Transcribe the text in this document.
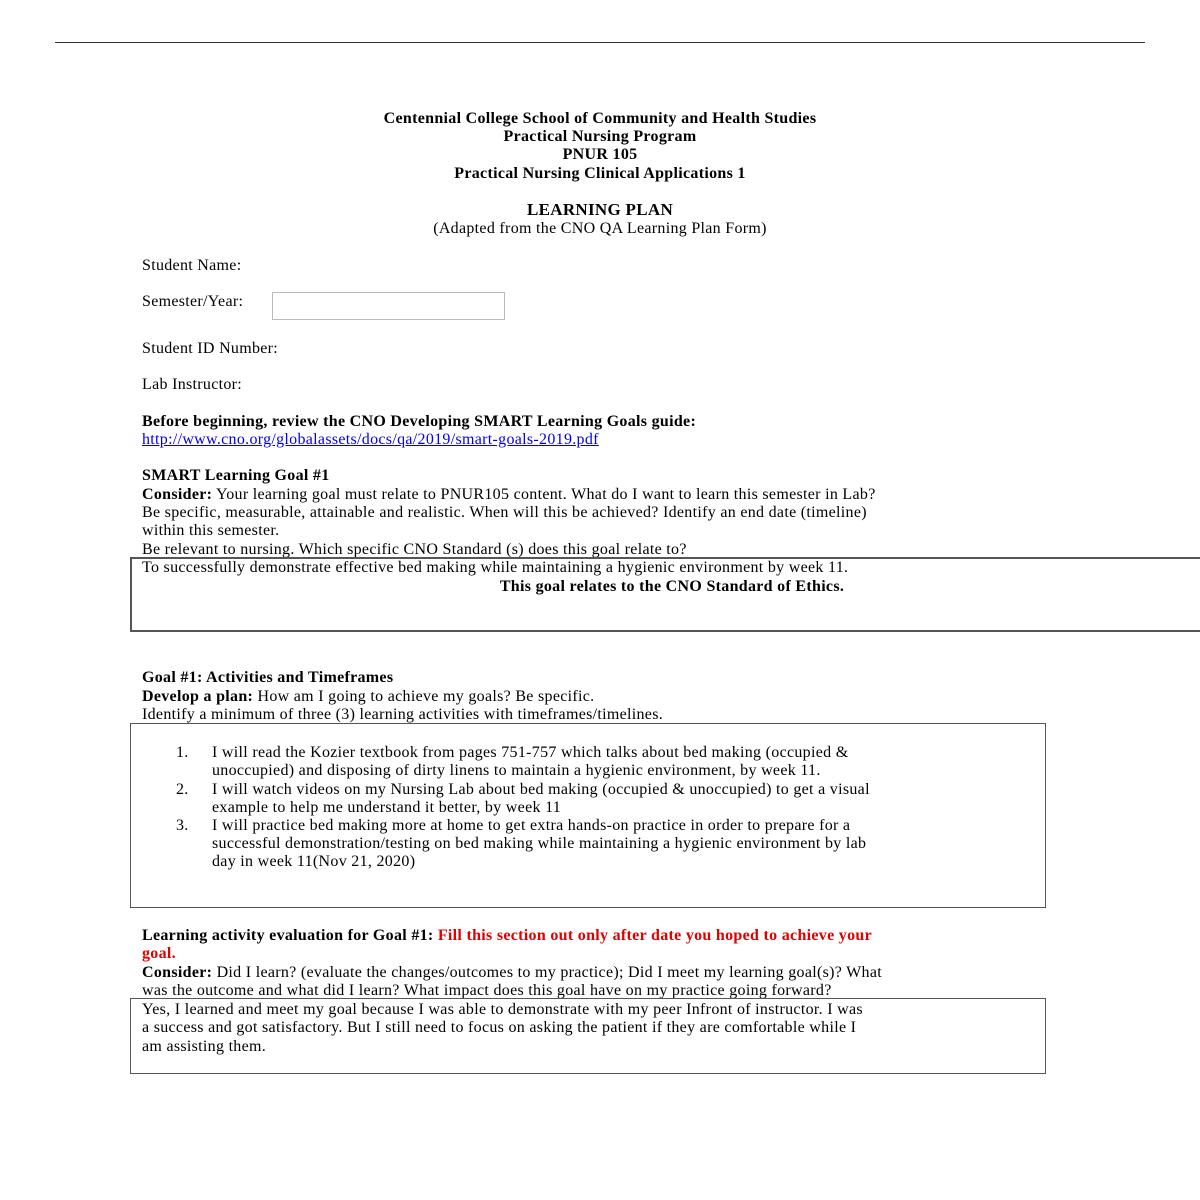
Centennial College School of Community and Health Studies
Practical Nursing Program
PNUR 105
Practical Nursing Clinical Applications 1
LEARNING PLAN
(Adapted from the CNO QA Learning Plan Form)
Student Name:
Semester/Year:
Student ID Number:
Lab Instructor:
Before beginning, review the CNO Developing SMART Learning Goals guide:
http://www.cno.org/globalassets/docs/qa/2019/smart-goals-2019.pdf
SMART Learning Goal #1
Consider: Your learning goal must relate to PNUR105 content. What do I want to learn this semester in Lab?
Be specific, measurable, attainable and realistic. When will this be achieved? Identify an end date (timeline)
within this semester.
Be relevant to nursing. Which specific CNO Standard (s) does this goal relate to?
To successfully demonstrate effective bed making while maintaining a hygienic environment by week 11.
This goal relates to the CNO Standard of Ethics.
Goal #1: Activities and Timeframes
Develop a plan: How am I going to achieve my goals? Be specific.
Identify a minimum of three (3) learning activities with timeframes/timelines.
1. I will read the Kozier textbook from pages 751-757 which talks about bed making (occupied &
unoccupied) and disposing of dirty linens to maintain a hygienic environment, by week 11.
2. I will watch videos on my Nursing Lab about bed making (occupied & unoccupied) to get a visual
example to help me understand it better, by week 11
3. I will practice bed making more at home to get extra hands-on practice in order to prepare for a
successful demonstration/testing on bed making while maintaining a hygienic environment by lab
day in week 11(Nov 21, 2020)
Learning activity evaluation for Goal #1: Fill this section out only after date you hoped to achieve your
goal.
Consider: Did I learn? (evaluate the changes/outcomes to my practice); Did I meet my learning goal(s)? What
was the outcome and what did I learn? What impact does this goal have on my practice going forward?
Yes, I learned and meet my goal because I was able to demonstrate with my peer Infront of instructor. I was
a success and got satisfactory. But I still need to focus on asking the patient if they are comfortable while I
am assisting them.
